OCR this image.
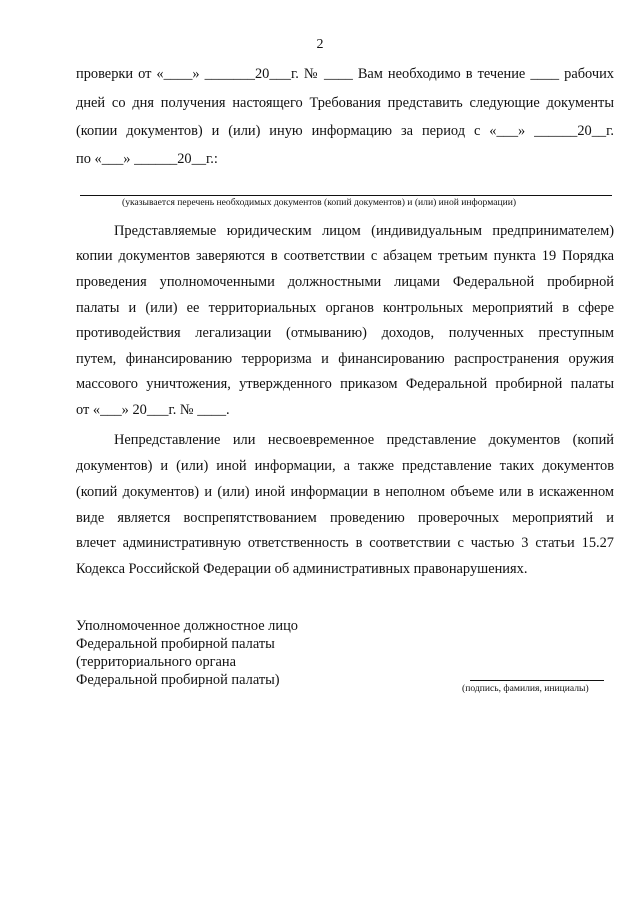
2
проверки от «____» _______20___г. № ____ Вам необходимо в течение ____ рабочих
дней со дня получения настоящего Требования представить следующие документы
(копии документов) и (или) иную информацию за период с «___» ______20__г.
по «___» ______20__г.:
(указывается перечень необходимых документов (копий документов) и (или) иной информации)
Представляемые юридическим лицом (индивидуальным предпринимателем)
копии документов заверяются в соответствии с абзацем третьим пункта 19 Порядка
проведения уполномоченными должностными лицами Федеральной пробирной
палаты и (или) ее территориальных органов контрольных мероприятий в сфере
противодействия легализации (отмыванию) доходов, полученных преступным
путем, финансированию терроризма и финансированию распространения оружия
массового уничтожения, утвержденного приказом Федеральной пробирной палаты
от «___» 20___г. № ____.
Непредставление или несвоевременное представление документов (копий
документов) и (или) иной информации, а также представление таких документов
(копий документов) и (или) иной информации в неполном объеме или в искаженном
виде является воспрепятствованием проведению проверочных мероприятий и
влечет административную ответственность в соответствии с частью 3 статьи 15.27
Кодекса Российской Федерации об административных правонарушениях.
Уполномоченное должностное лицо
Федеральной пробирной палаты
(территориального органа
Федеральной пробирной палаты)
(подпись, фамилия, инициалы)
